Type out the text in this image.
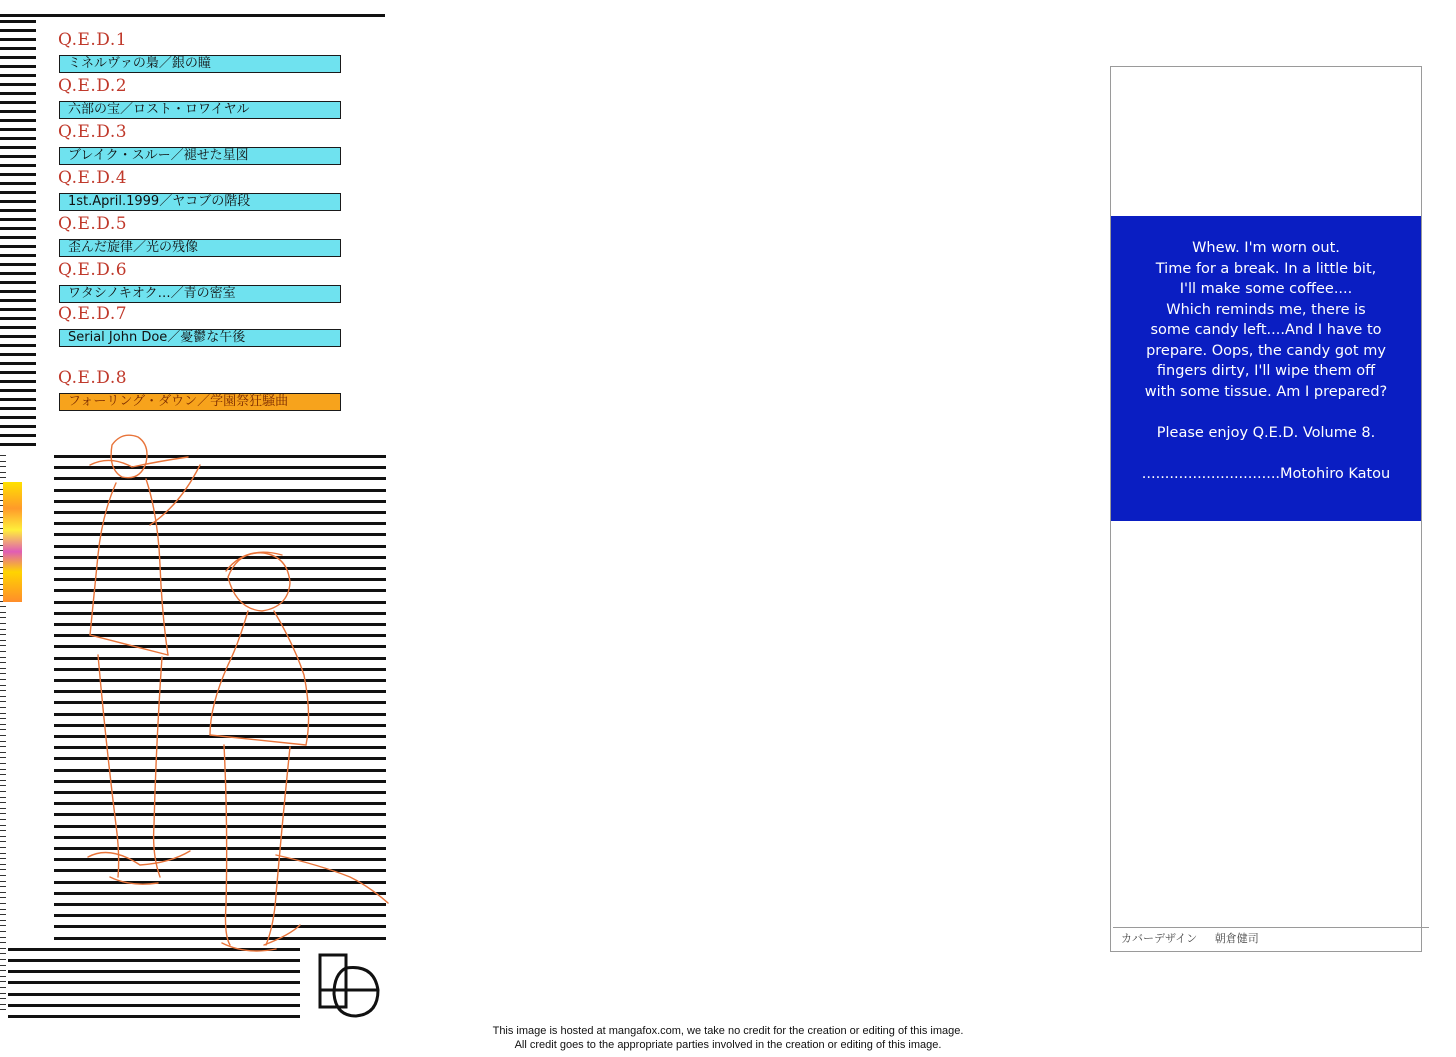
Q.E.D.1
ミネルヴァの梟／銀の瞳
Q.E.D.2
六部の宝／ロスト・ロワイヤル
Q.E.D.3
ブレイク・スルー／褪せた星図
Q.E.D.4
1st.April.1999／ヤコブの階段
Q.E.D.5
歪んだ旋律／光の残像
Q.E.D.6
ワタシノキオク…／青の密室
Q.E.D.7
Serial John Doe／憂鬱な午後
Q.E.D.8
フォーリング・ダウン／学園祭狂騒曲
Whew. I'm worn out.
Time for a break. In a little bit,
I'll make some coffee....
Which reminds me, there is
some candy left....And I have to
prepare. Oops, the candy got my
fingers dirty, I'll wipe them off
with some tissue. Am I prepared?
Please enjoy Q.E.D. Volume 8.
..............................Motohiro Katou
カバーデザイン 朝倉健司
This image is hosted at mangafox.com, we take no credit for the creation or editing of this image.
All credit goes to the appropriate parties involved in the creation or editing of this image.
